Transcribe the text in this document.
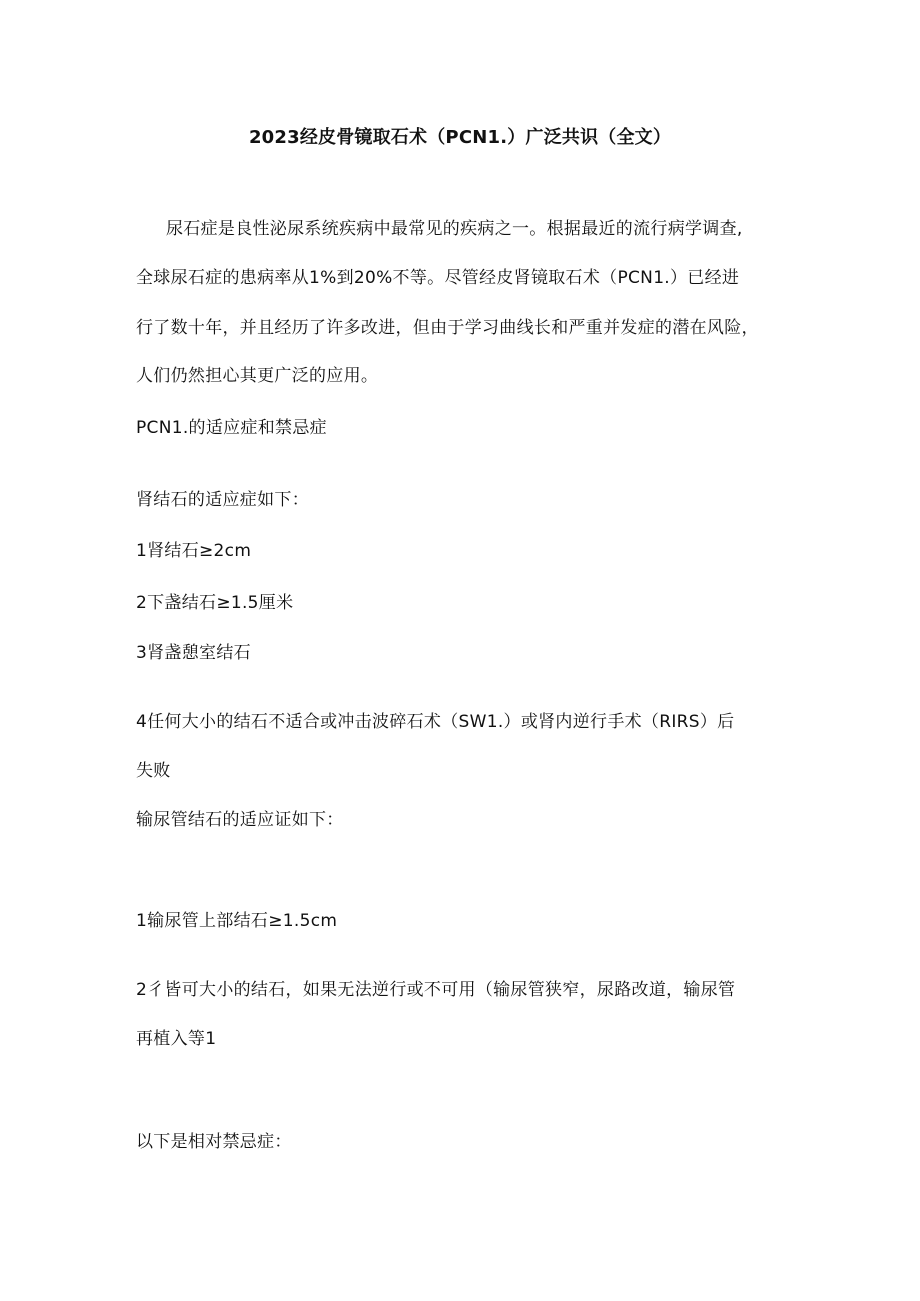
2023经皮骨镜取石术（PCN1.）广泛共识（全文）
尿石症是良性泌尿系统疾病中最常见的疾病之一。根据最近的流行病学调查,
全球尿石症的患病率从1%到20%不等。尽管经皮肾镜取石术（PCN1.）已经进
行了数十年，并且经历了许多改进，但由于学习曲线长和严重并发症的潜在风险，
人们仍然担心其更广泛的应用。
PCN1.的适应症和禁忌症
肾结石的适应症如下：
1肾结石≥2cm
2下盏结石≥1.5厘米
3肾盏憩室结石
4任何大小的结石不适合或冲击波碎石术（SW1.）或肾内逆行手术（RIRS）后
失败
输尿管结石的适应证如下：
1输尿管上部结石≥1.5cm
2彳皆可大小的结石，如果无法逆行或不可用（输尿管狭窄，尿路改道，输尿管
再植入等1
以下是相对禁忌症：
